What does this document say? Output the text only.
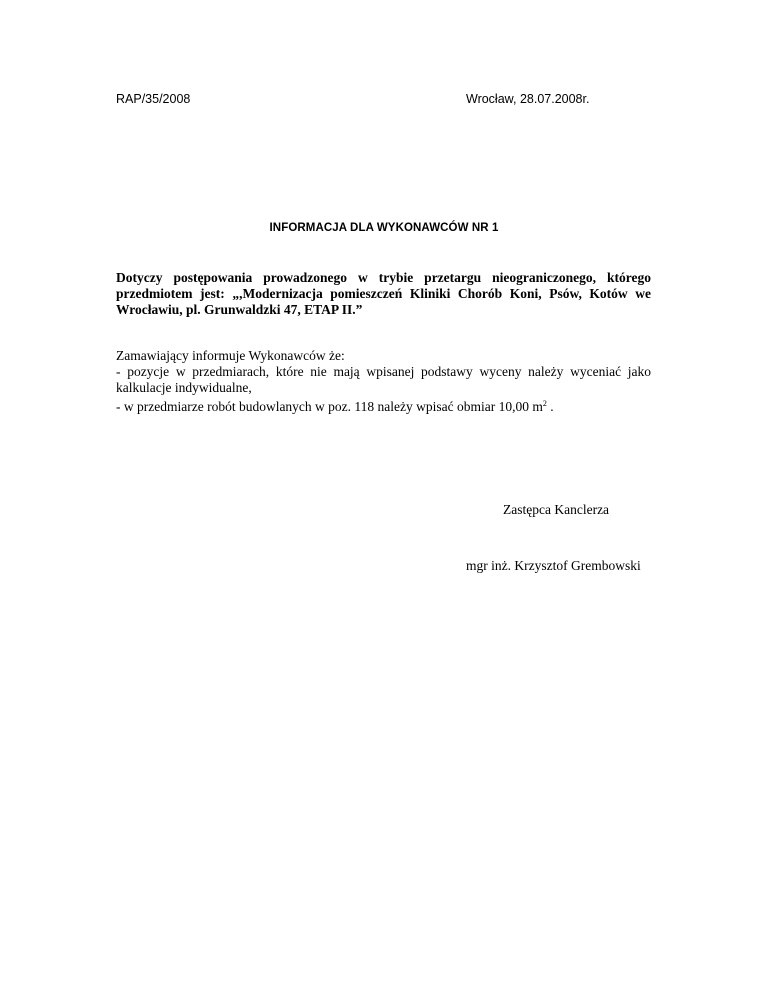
RAP/35/2008	Wrocław, 28.07.2008r.
INFORMACJA DLA WYKONAWCÓW NR 1
Dotyczy postępowania prowadzonego w trybie przetargu nieograniczonego, którego
przedmiotem jest: „,Modernizacja pomieszczeń Kliniki Chorób Koni, Psów, Kotów we
Wrocławiu, pl. Grunwaldzki 47, ETAP II.”
Zamawiający informuje Wykonawców że:
- pozycje w przedmiarach, które nie mają wpisanej podstawy wyceny należy wyceniać jako
kalkulacje indywidualne,
- w przedmiarze robót budowlanych w poz. 118 należy wpisać obmiar 10,00 $m^2$ .
Zastępca Kanclerza
mgr inż. Krzysztof Grembowski
